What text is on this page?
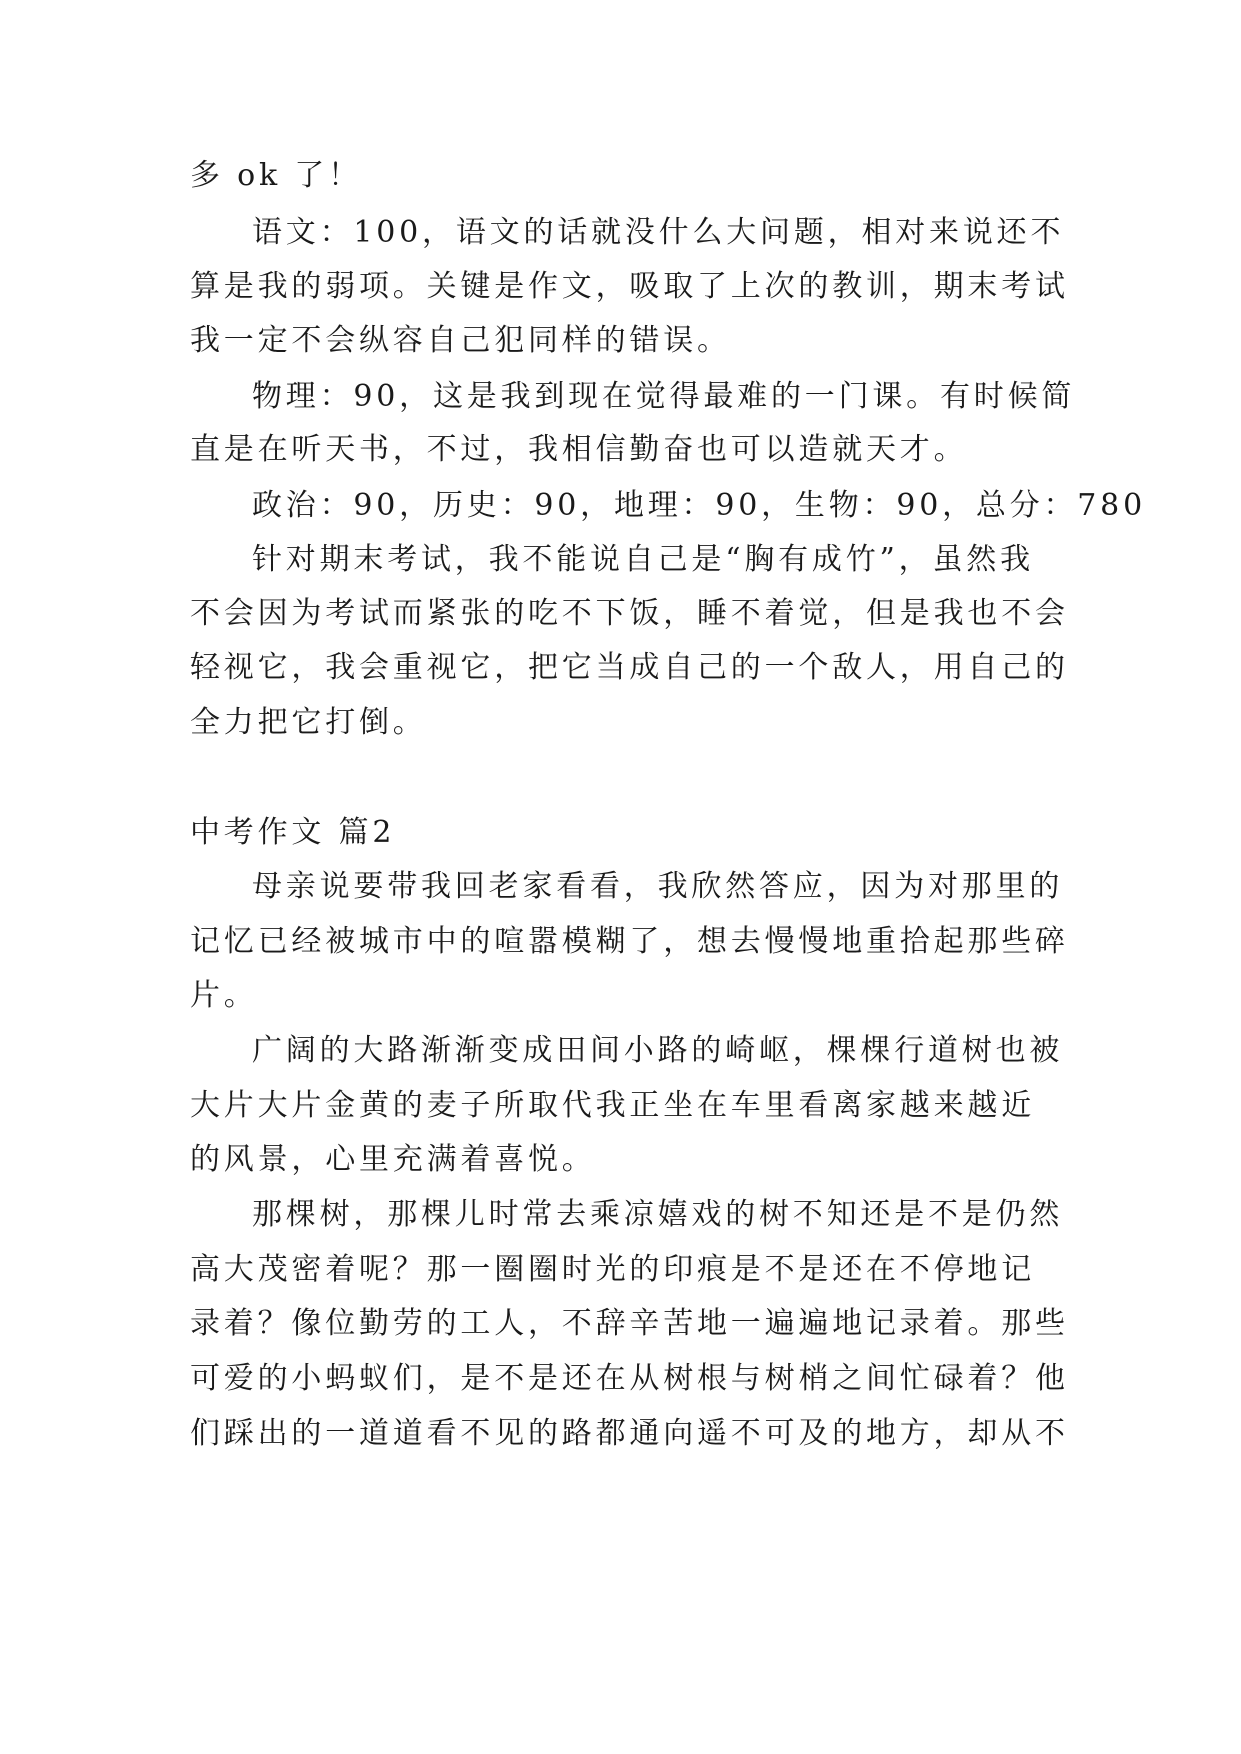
多 ok 了！
语文：100，语文的话就没什么大问题，相对来说还不
算是我的弱项。关键是作文，吸取了上次的教训，期末考试
我一定不会纵容自己犯同样的错误。
物理：90，这是我到现在觉得最难的一门课。有时候简
直是在听天书，不过，我相信勤奋也可以造就天才。
政治：90，历史：90，地理：90，生物：90，总分：780
针对期末考试，我不能说自己是“胸有成竹”，虽然我
不会因为考试而紧张的吃不下饭，睡不着觉，但是我也不会
轻视它，我会重视它，把它当成自己的一个敌人，用自己的
全力把它打倒。
中考作文 篇2
母亲说要带我回老家看看，我欣然答应，因为对那里的
记忆已经被城市中的喧嚣模糊了，想去慢慢地重拾起那些碎
片。
广阔的大路渐渐变成田间小路的崎岖，棵棵行道树也被
大片大片金黄的麦子所取代我正坐在车里看离家越来越近
的风景，心里充满着喜悦。
那棵树，那棵儿时常去乘凉嬉戏的树不知还是不是仍然
高大茂密着呢？那一圈圈时光的印痕是不是还在不停地记
录着？像位勤劳的工人，不辞辛苦地一遍遍地记录着。那些
可爱的小蚂蚁们，是不是还在从树根与树梢之间忙碌着？他
们踩出的一道道看不见的路都通向遥不可及的地方，却从不
